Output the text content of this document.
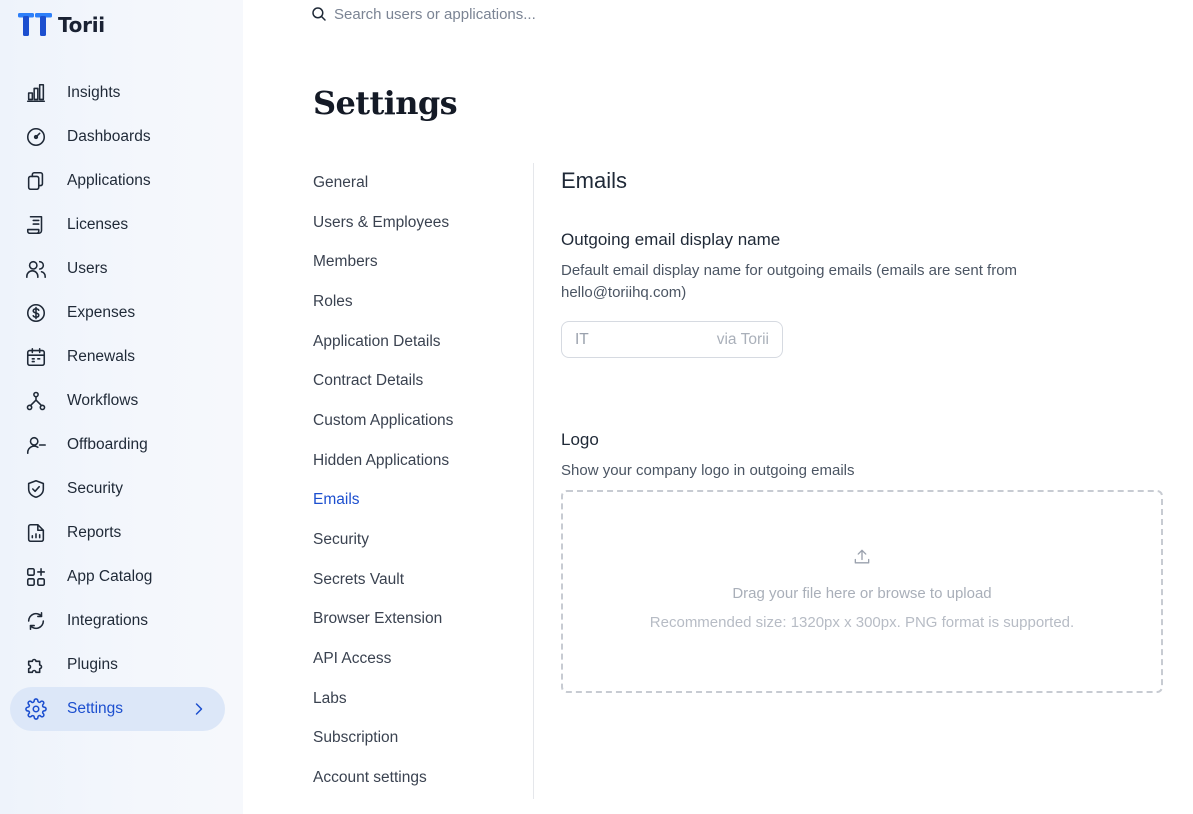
Torii
Insights
Dashboards
Applications
Licenses
Users
Expenses
Renewals
Workflows
Offboarding
Security
Reports
App Catalog
Integrations
Plugins
Settings
Search users or applications...
Settings
General
Users & Employees
Members
Roles
Application Details
Contract Details
Custom Applications
Hidden Applications
Emails
Security
Secrets Vault
Browser Extension
API Access
Labs
Subscription
Account settings
Emails
Outgoing email display name
Default email display name for outgoing emails (emails are sent from hello@toriihq.com)
IT	via Torii
Logo
Show your company logo in outgoing emails
Drag your file here or browse to upload
Recommended size: 1320px x 300px. PNG format is supported.
